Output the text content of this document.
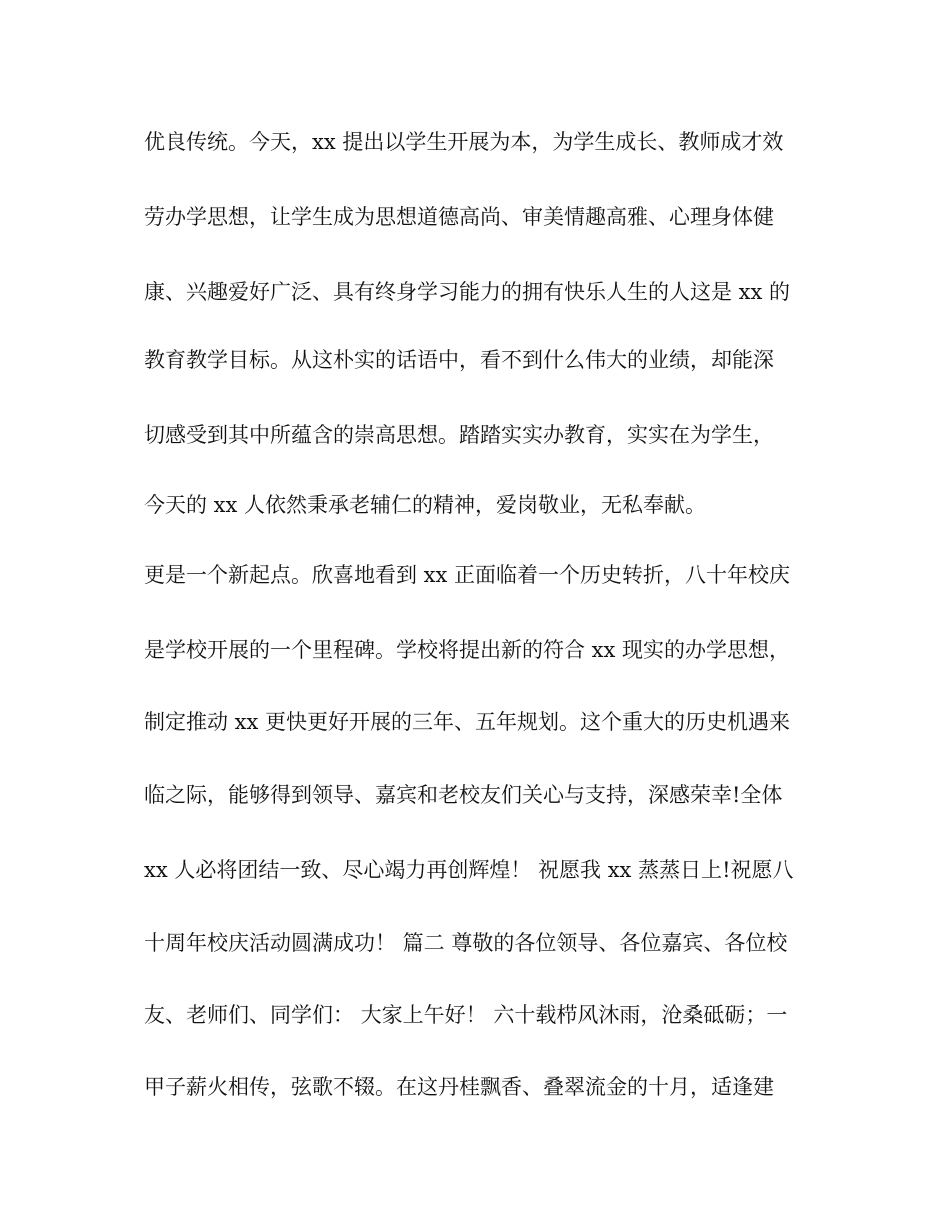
优良传统。今天，xx 提出以学生开展为本，为学生成长、教师成才效
劳办学思想，让学生成为思想道德高尚、审美情趣高雅、心理身体健
康、兴趣爱好广泛、具有终身学习能力的拥有快乐人生的人这是 xx 的
教育教学目标。从这朴实的话语中，看不到什么伟大的业绩，却能深
切感受到其中所蕴含的崇高思想。踏踏实实办教育，实实在为学生，
今天的 xx 人依然秉承老辅仁的精神，爱岗敬业，无私奉献。
更是一个新起点。欣喜地看到 xx 正面临着一个历史转折，八十年校庆
是学校开展的一个里程碑。学校将提出新的符合 xx 现实的办学思想，
制定推动 xx 更快更好开展的三年、五年规划。这个重大的历史机遇来
临之际，能够得到领导、嘉宾和老校友们关心与支持，深感荣幸!全体
xx 人必将团结一致、尽心竭力再创辉煌！ 祝愿我 xx 蒸蒸日上!祝愿八
十周年校庆活动圆满成功！ 篇二 尊敬的各位领导、各位嘉宾、各位校
友、老师们、同学们： 大家上午好！ 六十载栉风沐雨，沧桑砥砺；一
甲子薪火相传，弦歌不辍。在这丹桂飘香、叠翠流金的十月，适逢建
